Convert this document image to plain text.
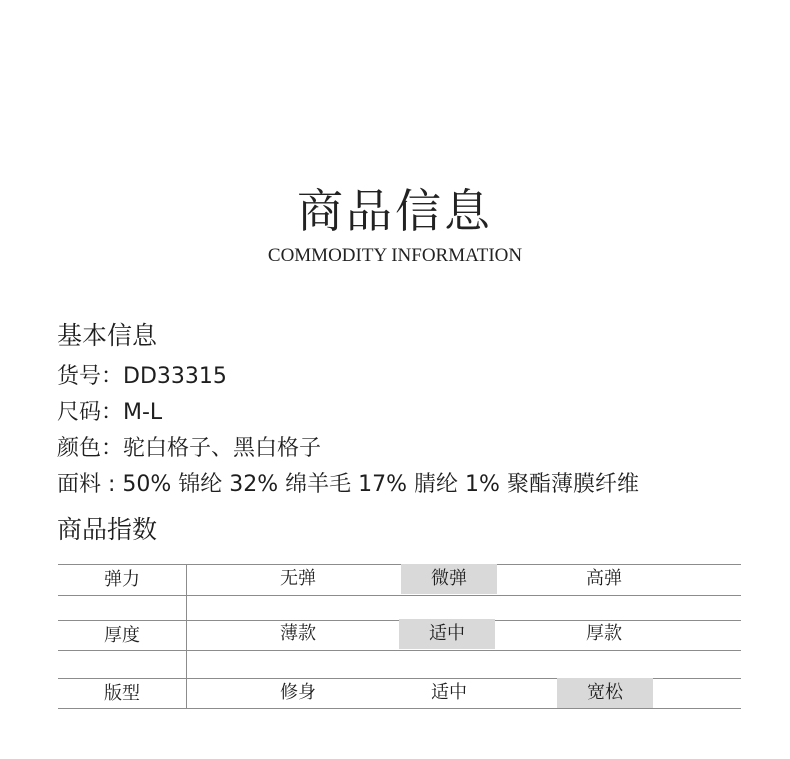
商品信息
COMMODITY INFORMATION
基本信息
货号：DD33315
尺码：M-L
颜色：驼白格子、黑白格子
面料 : 50% 锦纶 32% 绵羊毛 17% 腈纶 1% 聚酯薄膜纤维
商品指数
弹力	无弹	微弹	高弹
厚度	薄款	适中	厚款
版型	修身	适中	宽松
